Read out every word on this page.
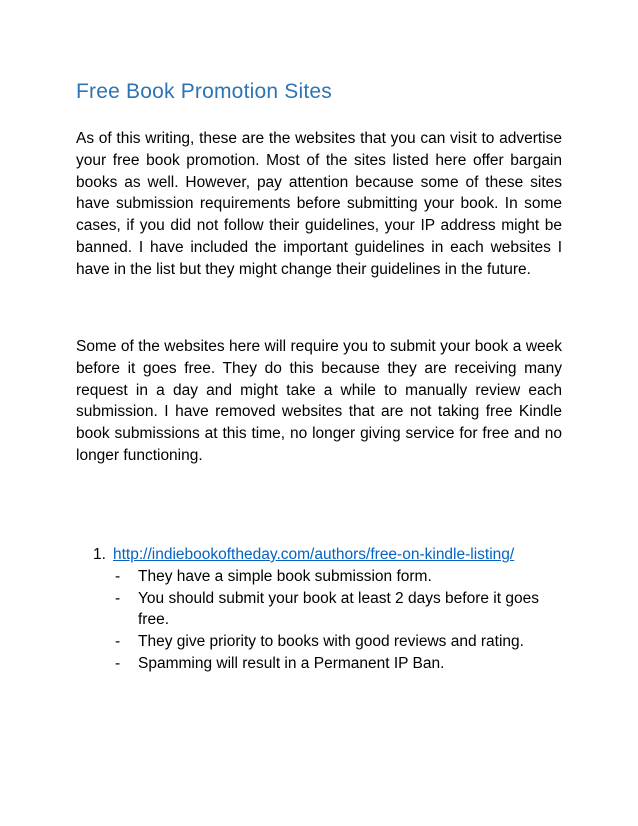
Free Book Promotion Sites

As of this writing, these are the websites that you can visit to advertise your free book promotion. Most of the sites listed here offer bargain books as well. However, pay attention because some of these sites have submission requirements before submitting your book. In some cases, if you did not follow their guidelines, your IP address might be banned. I have included the important guidelines in each websites I have in the list but they might change their guidelines in the future.

Some of the websites here will require you to submit your book a week before it goes free. They do this because they are receiving many request in a day and might take a while to manually review each submission. I have removed websites that are not taking free Kindle book submissions at this time, no longer giving service for free and no longer functioning.

1. http://indiebookoftheday.com/authors/free-on-kindle-listing/
- They have a simple book submission form.
- You should submit your book at least 2 days before it goes free.
- They give priority to books with good reviews and rating.
- Spamming will result in a Permanent IP Ban.
